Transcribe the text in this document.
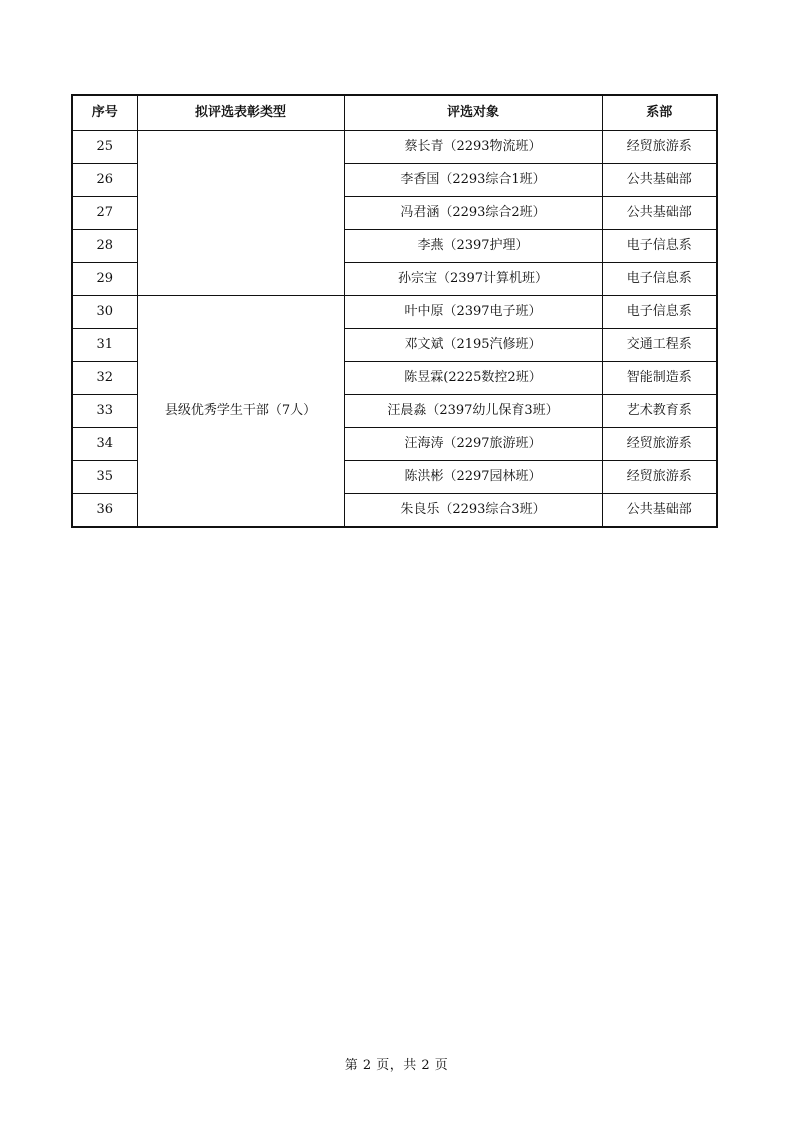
序号	拟评选表彰类型	评选对象	系部
25		蔡长青（2293物流班）	经贸旅游系
26		李香国（2293综合1班）	公共基础部
27		冯君涵（2293综合2班）	公共基础部
28		李燕（2397护理）	电子信息系
29		孙宗宝（2397计算机班）	电子信息系
30	县级优秀学生干部（7人）	叶中原（2397电子班）	电子信息系
31		邓文斌（2195汽修班）	交通工程系
32		陈昱霖(2225数控2班）	智能制造系
33		汪晨淼（2397幼儿保育3班）	艺术教育系
34		汪海涛（2297旅游班）	经贸旅游系
35		陈洪彬（2297园林班）	经贸旅游系
36		朱良乐（2293综合3班）	公共基础部
第 2 页，共 2 页
